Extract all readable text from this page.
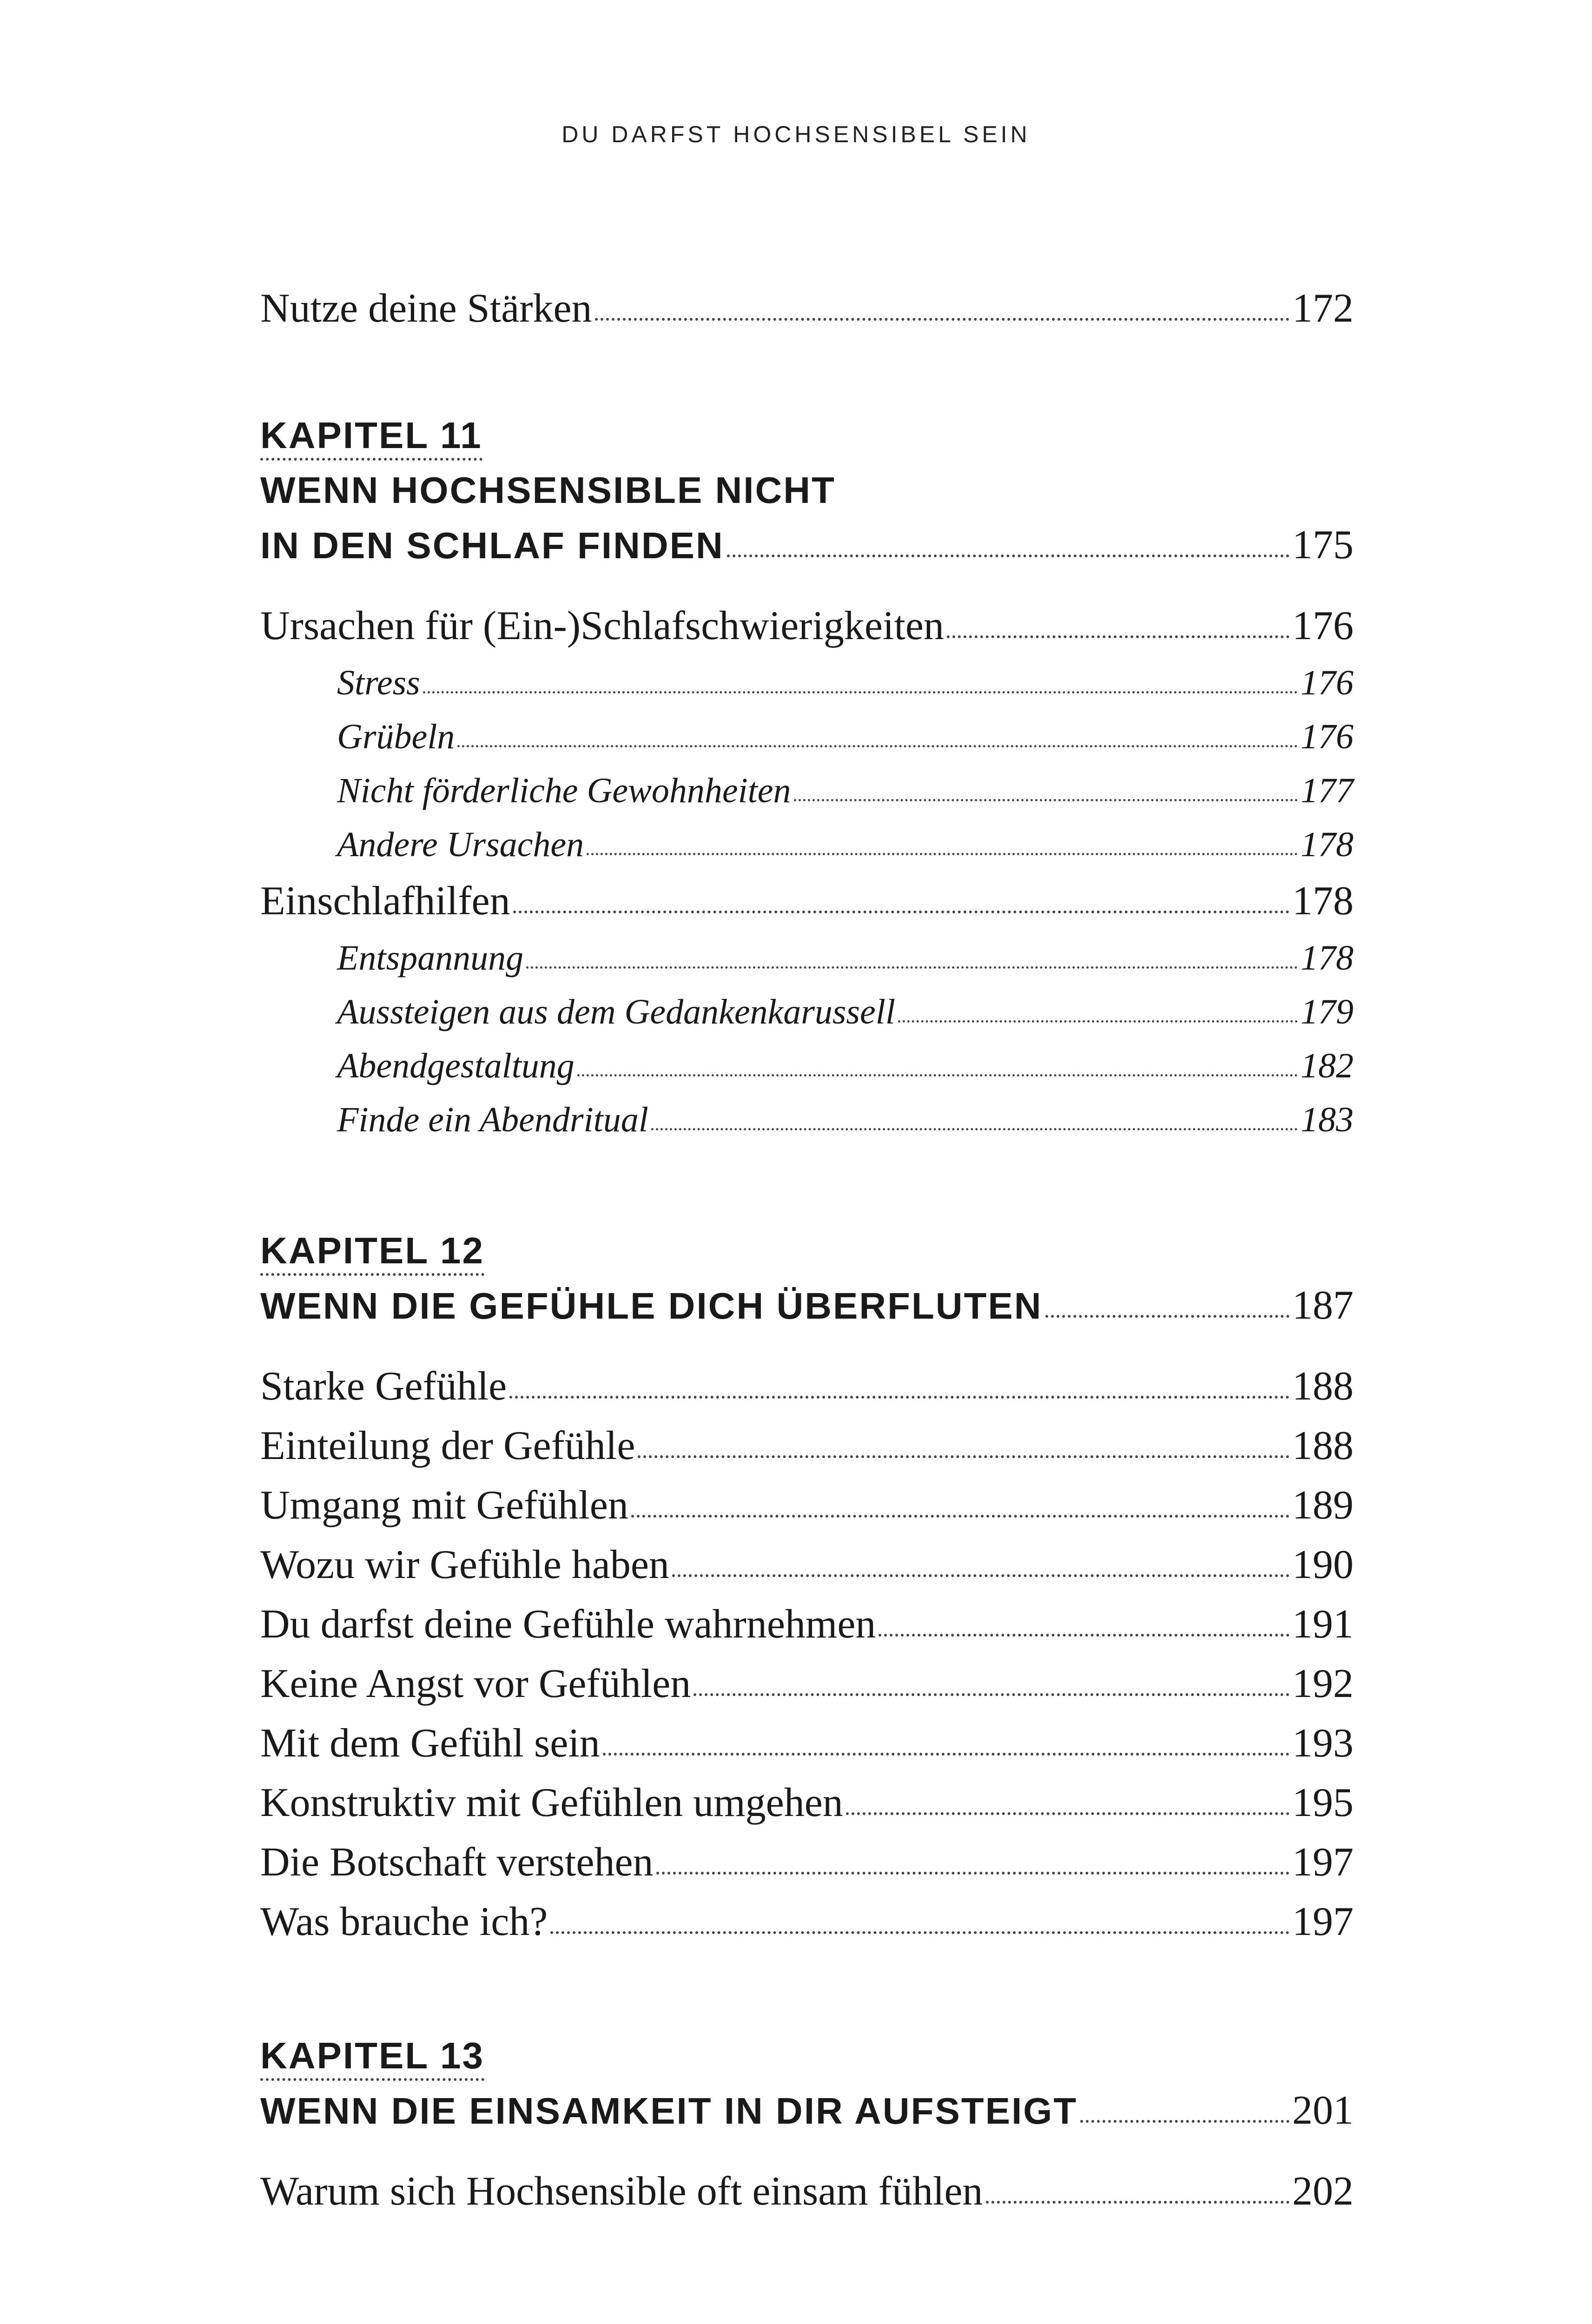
DU DARFST HOCHSENSIBEL SEIN
Nutze deine Stärken	172
KAPITEL 11
WENN HOCHSENSIBLE NICHT
IN DEN SCHLAF FINDEN	175
Ursachen für (Ein-)Schlafschwierigkeiten	176
Stress	176
Grübeln	176
Nicht förderliche Gewohnheiten	177
Andere Ursachen	178
Einschlafhilfen	178
Entspannung	178
Aussteigen aus dem Gedankenkarussell	179
Abendgestaltung	182
Finde ein Abendritual	183
KAPITEL 12
WENN DIE GEFÜHLE DICH ÜBERFLUTEN	187
Starke Gefühle	188
Einteilung der Gefühle	188
Umgang mit Gefühlen	189
Wozu wir Gefühle haben	190
Du darfst deine Gefühle wahrnehmen	191
Keine Angst vor Gefühlen	192
Mit dem Gefühl sein	193
Konstruktiv mit Gefühlen umgehen	195
Die Botschaft verstehen	197
Was brauche ich?	197
KAPITEL 13
WENN DIE EINSAMKEIT IN DIR AUFSTEIGT	201
Warum sich Hochsensible oft einsam fühlen	202
